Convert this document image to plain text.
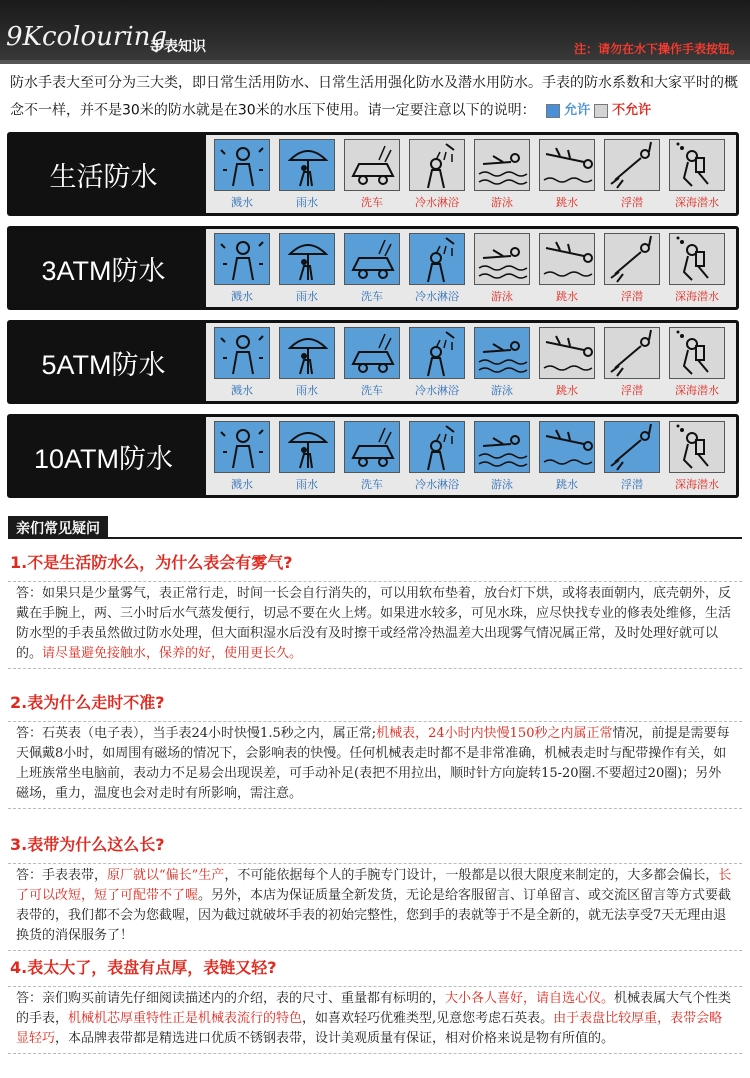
9Kcolouring
手表知识	注：请勿在水下操作手表按钮。
防水手表大至可分为三大类，即日常生活用防水、日常生活用强化防水及潜水用防水。手表的防水系数和大家平时的概念不一样，并不是30米的防水就是在30米的水压下使用。请一定要注意以下的说明： 允许 不允许
生活防水
溅水	雨水	洗车	冷水淋浴	游泳	跳水	浮潜	深海潜水
3ATM防水
溅水	雨水	洗车	冷水淋浴	游泳	跳水	浮潜	深海潜水
5ATM防水
溅水	雨水	洗车	冷水淋浴	游泳	跳水	浮潜	深海潜水
10ATM防水
溅水	雨水	洗车	冷水淋浴	游泳	跳水	浮潜	深海潜水
亲们常见疑问
1.不是生活防水么，为什么表会有雾气?
答：如果只是少量雾气，表正常行走，时间一长会自行消失的，可以用软布垫着，放台灯下烘，或将表面朝内，底壳朝外，反戴在手腕上，两、三小时后水气蒸发便行，切忌不要在火上烤。如果进水较多，可见水珠，应尽快找专业的修表处维修，生活防水型的手表虽然做过防水处理，但大面积湿水后没有及时擦干或经常冷热温差大出现雾气情况属正常，及时处理好就可以的。请尽量避免接触水，保养的好，使用更长久。
2.表为什么走时不准?
答：石英表（电子表），当手表24小时快慢1.5秒之内，属正常;机械表，24小时内快慢150秒之内属正常情况，前提是需要每天佩戴8小时，如周围有磁场的情况下，会影响表的快慢。任何机械表走时都不是非常准确，机械表走时与配带操作有关，如上班族常坐电脑前，表动力不足易会出现误差，可手动补足(表把不用拉出，顺时针方向旋转15-20圈.不要超过20圈)；另外磁场，重力，温度也会对走时有所影响，需注意。
3.表带为什么这么长?
答：手表表带，原厂就以“偏长”生产，不可能依据每个人的手腕专门设计，一般都是以很大限度来制定的，大多都会偏长，长了可以改短，短了可配带不了喔。另外，本店为保证质量全新发货，无论是给客服留言、订单留言、或交流区留言等方式要截表带的，我们都不会为您截喔，因为截过就破坏手表的初始完整性，您到手的表就等于不是全新的，就无法享受7天无理由退换货的消保服务了！
4.表太大了，表盘有点厚，表链又轻?
答：亲们购买前请先仔细阅读描述内的介绍，表的尺寸、重量都有标明的，大小各人喜好，请自选心仪。机械表属大气个性类的手表，机械机芯厚重特性正是机械表流行的特色，如喜欢轻巧优雅类型,见意您考虑石英表。由于表盘比较厚重，表带会略显轻巧，本品牌表带都是精选进口优质不锈钢表带，设计美观质量有保证，相对价格来说是物有所值的。
